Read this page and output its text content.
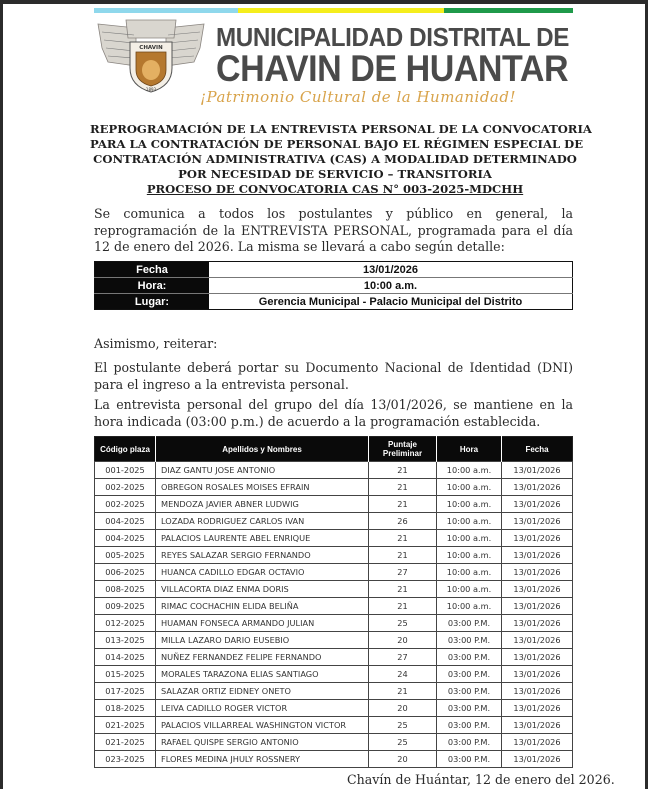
CHAVIN
1893
MUNICIPALIDAD DISTRITAL DE
CHAVIN DE HUANTAR
¡Patrimonio Cultural de la Humanidad!
REPROGRAMACIÓN DE LA ENTREVISTA PERSONAL DE LA CONVOCATORIA
PARA LA CONTRATACIÓN DE PERSONAL BAJO EL RÉGIMEN ESPECIAL DE
CONTRATACIÓN ADMINISTRATIVA (CAS) A MODALIDAD DETERMINADO
POR NECESIDAD DE SERVICIO – TRANSITORIA
PROCESO DE CONVOCATORIA CAS N° 003-2025-MDCHH
Se comunica a todos los postulantes y público en general, la reprogramación de la ENTREVISTA PERSONAL, programada para el día 12 de enero del 2026. La misma se llevará a cabo según detalle:
Fecha	13/01/2026
Hora:	10:00 a.m.
Lugar:	Gerencia Municipal - Palacio Municipal del Distrito
Asimismo, reiterar:
El postulante deberá portar su Documento Nacional de Identidad (DNI) para el ingreso a la entrevista personal.
La entrevista personal del grupo del día 13/01/2026, se mantiene en la hora indicada (03:00 p.m.) de acuerdo a la programación establecida.
Código plaza	Apellidos y Nombres	Puntaje Preliminar	Hora	Fecha
001-2025	DIAZ GANTU JOSE ANTONIO	21	10:00 a.m.	13/01/2026
002-2025	OBREGON ROSALES MOISES EFRAIN	21	10:00 a.m.	13/01/2026
002-2025	MENDOZA JAVIER ABNER LUDWIG	21	10:00 a.m.	13/01/2026
004-2025	LOZADA RODRIGUEZ CARLOS IVAN	26	10:00 a.m.	13/01/2026
004-2025	PALACIOS LAURENTE ABEL ENRIQUE	21	10:00 a.m.	13/01/2026
005-2025	REYES SALAZAR SERGIO FERNANDO	21	10:00 a.m.	13/01/2026
006-2025	HUANCA CADILLO EDGAR OCTAVIO	27	10:00 a.m.	13/01/2026
008-2025	VILLACORTA DIAZ ENMA DORIS	21	10:00 a.m.	13/01/2026
009-2025	RIMAC COCHACHIN ELIDA BELIÑA	21	10:00 a.m.	13/01/2026
012-2025	HUAMAN FONSECA ARMANDO JULIAN	25	03:00 P.M.	13/01/2026
013-2025	MILLA LAZARO DARIO EUSEBIO	20	03:00 P.M.	13/01/2026
014-2025	NUÑEZ FERNANDEZ FELIPE FERNANDO	27	03:00 P.M.	13/01/2026
015-2025	MORALES TARAZONA ELIAS SANTIAGO	24	03:00 P.M.	13/01/2026
017-2025	SALAZAR ORTIZ EIDNEY ONETO	21	03:00 P.M.	13/01/2026
018-2025	LEIVA CADILLO ROGER VICTOR	20	03:00 P.M.	13/01/2026
021-2025	PALACIOS VILLARREAL WASHINGTON VICTOR	25	03:00 P.M.	13/01/2026
021-2025	RAFAEL QUISPE SERGIO ANTONIO	25	03:00 P.M.	13/01/2026
023-2025	FLORES MEDINA JHULY ROSSNERY	20	03:00 P.M.	13/01/2026
Chavín de Huántar, 12 de enero del 2026.
